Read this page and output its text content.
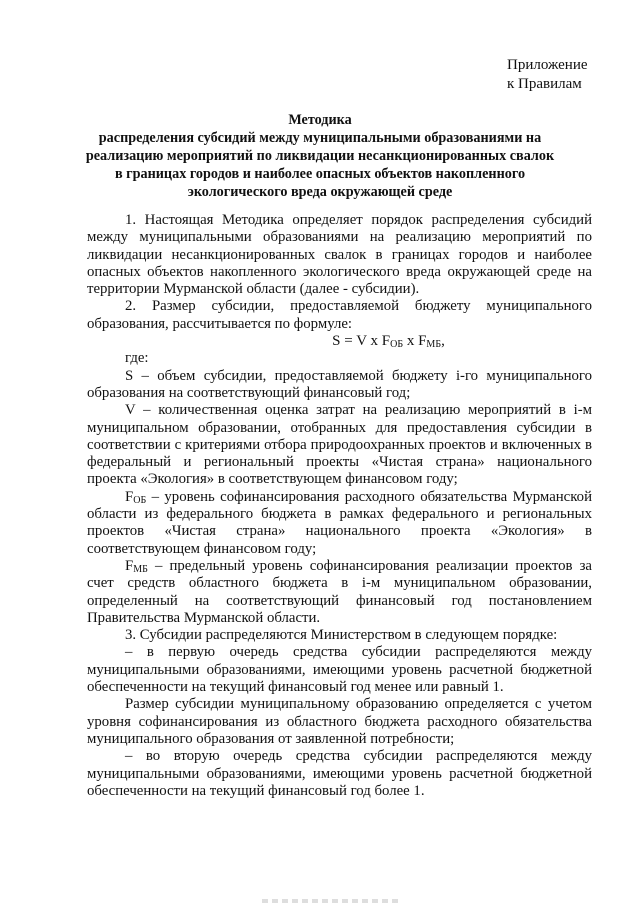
Приложение
к Правилам
Методика
распределения субсидий между муниципальными образованиями на
реализацию мероприятий по ликвидации несанкционированных свалок
в границах городов и наиболее опасных объектов накопленного
экологического вреда окружающей среде

1. Настоящая Методика определяет порядок распределения субсидий между муниципальными образованиями на реализацию мероприятий по ликвидации несанкционированных свалок в границах городов и наиболее опасных объектов накопленного экологического вреда окружающей среде на территории Мурманской области (далее - субсидии).

2. Размер субсидии, предоставляемой бюджету муниципального образования, рассчитывается по формуле:

S = V x $F_{ОБ}$ x $F_{МБ}$,

где:

S – объем субсидии, предоставляемой бюджету i-го муниципального образования на соответствующий финансовый год;

V – количественная оценка затрат на реализацию мероприятий в i-м муниципальном образовании, отобранных для предоставления субсидии в соответствии с критериями отбора природоохранных проектов и включенных в федеральный и региональный проекты «Чистая страна» национального проекта «Экология» в соответствующем финансовом году;

$F_{ОБ}$ – уровень софинансирования расходного обязательства Мурманской области из федерального бюджета в рамках федерального и региональных проектов «Чистая страна» национального проекта «Экология» в соответствующем финансовом году;

$F_{МБ}$ – предельный уровень софинансирования реализации проектов за счет средств областного бюджета в i-м муниципальном образовании, определенный на соответствующий финансовый год постановлением Правительства Мурманской области.

3. Субсидии распределяются Министерством в следующем порядке:

– в первую очередь средства субсидии распределяются между муниципальными образованиями, имеющими уровень расчетной бюджетной обеспеченности на текущий финансовый год менее или равный 1.

Размер субсидии муниципальному образованию определяется с учетом уровня софинансирования из областного бюджета расходного обязательства муниципального образования от заявленной потребности;

– во вторую очередь средства субсидии распределяются между муниципальными образованиями, имеющими уровень расчетной бюджетной обеспеченности на текущий финансовый год более 1.
